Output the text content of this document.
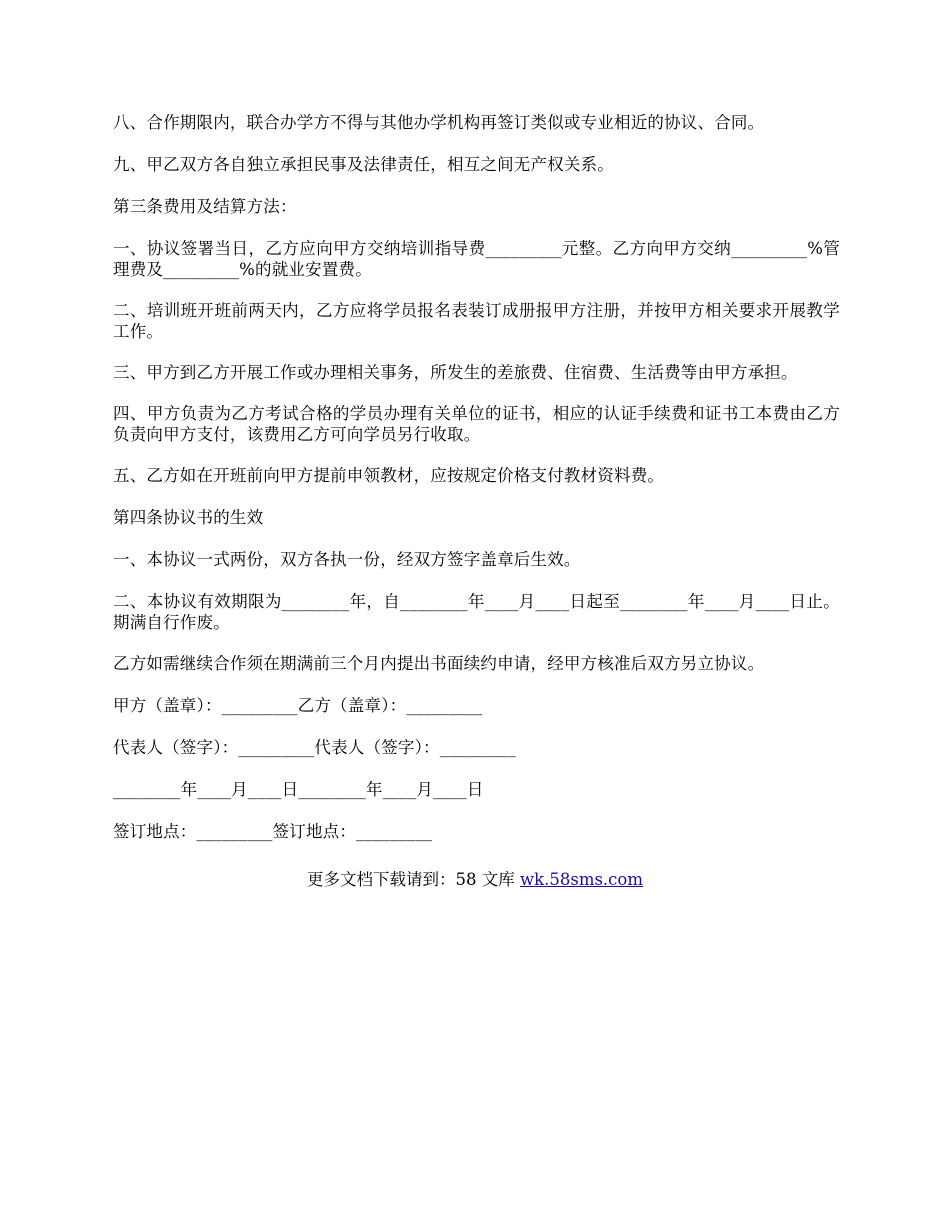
八、合作期限内，联合办学方不得与其他办学机构再签订类似或专业相近的协议、合同。

九、甲乙双方各自独立承担民事及法律责任，相互之间无产权关系。

第三条费用及结算方法：

一、协议签署当日，乙方应向甲方交纳培训指导费_________元整。乙方向甲方交纳_________%管理费及_________%的就业安置费。

二、培训班开班前两天内，乙方应将学员报名表装订成册报甲方注册，并按甲方相关要求开展教学工作。

三、甲方到乙方开展工作或办理相关事务，所发生的差旅费、住宿费、生活费等由甲方承担。

四、甲方负责为乙方考试合格的学员办理有关单位的证书，相应的认证手续费和证书工本费由乙方负责向甲方支付，该费用乙方可向学员另行收取。

五、乙方如在开班前向甲方提前申领教材，应按规定价格支付教材资料费。

第四条协议书的生效

一、本协议一式两份，双方各执一份，经双方签字盖章后生效。

二、本协议有效期限为________年，自________年____月____日起至________年____月____日止。期满自行作废。

乙方如需继续合作须在期满前三个月内提出书面续约申请，经甲方核准后双方另立协议。

甲方（盖章）：_________乙方（盖章）：_________

代表人（签字）：_________代表人（签字）：_________

________年____月____日________年____月____日

签订地点：_________签订地点：_________

更多文档下载请到：58 文库 wk.58sms.com
